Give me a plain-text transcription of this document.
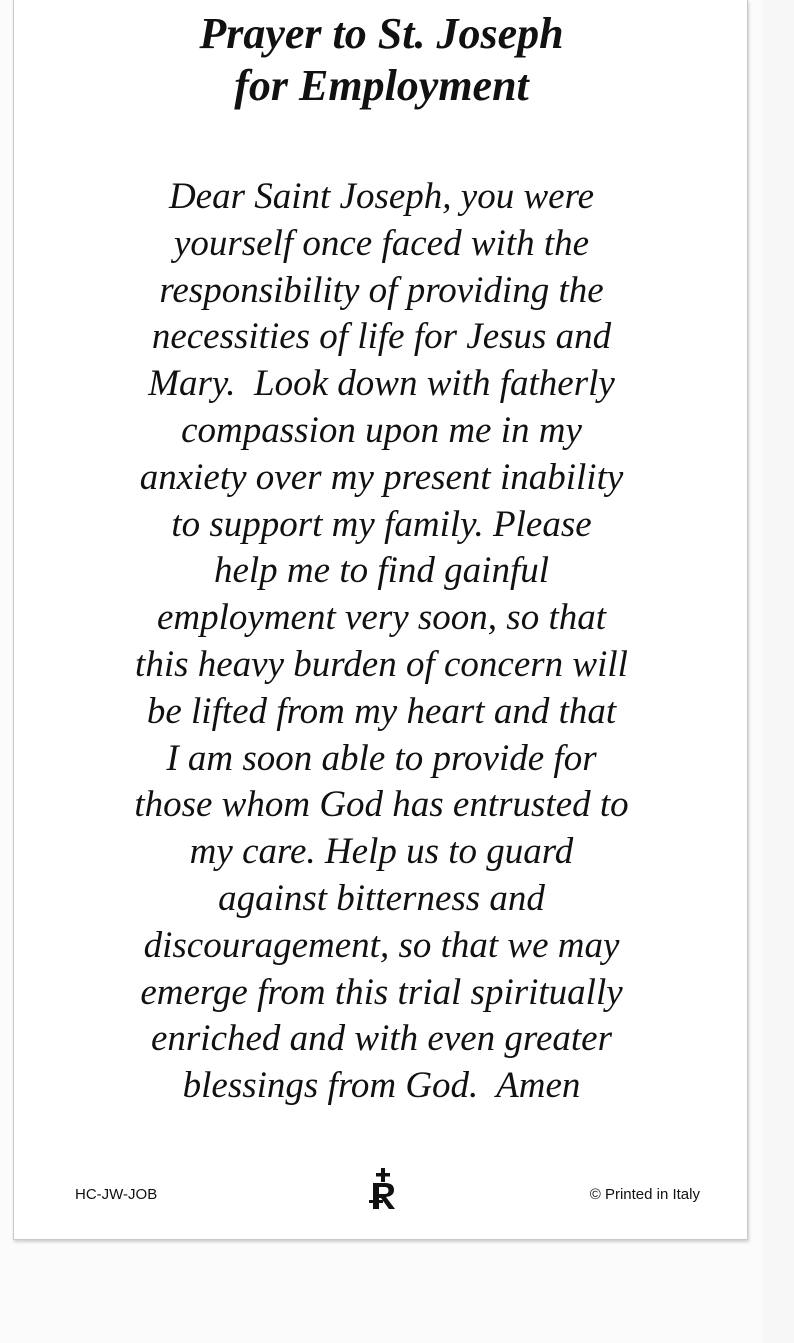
Prayer to St. Joseph
for Employment
Dear Saint Joseph, you were
yourself once faced with the
responsibility of providing the
necessities of life for Jesus and
Mary.  Look down with fatherly
compassion upon me in my
anxiety over my present inability
to support my family. Please
help me to find gainful
employment very soon, so that
this heavy burden of concern will
be lifted from my heart and that
I am soon able to provide for
those whom God has entrusted to
my care. Help us to guard
against bitterness and
discouragement, so that we may
emerge from this trial spiritually
enriched and with even greater
blessings from God.  Amen
HC-JW-JOB	© Printed in Italy
